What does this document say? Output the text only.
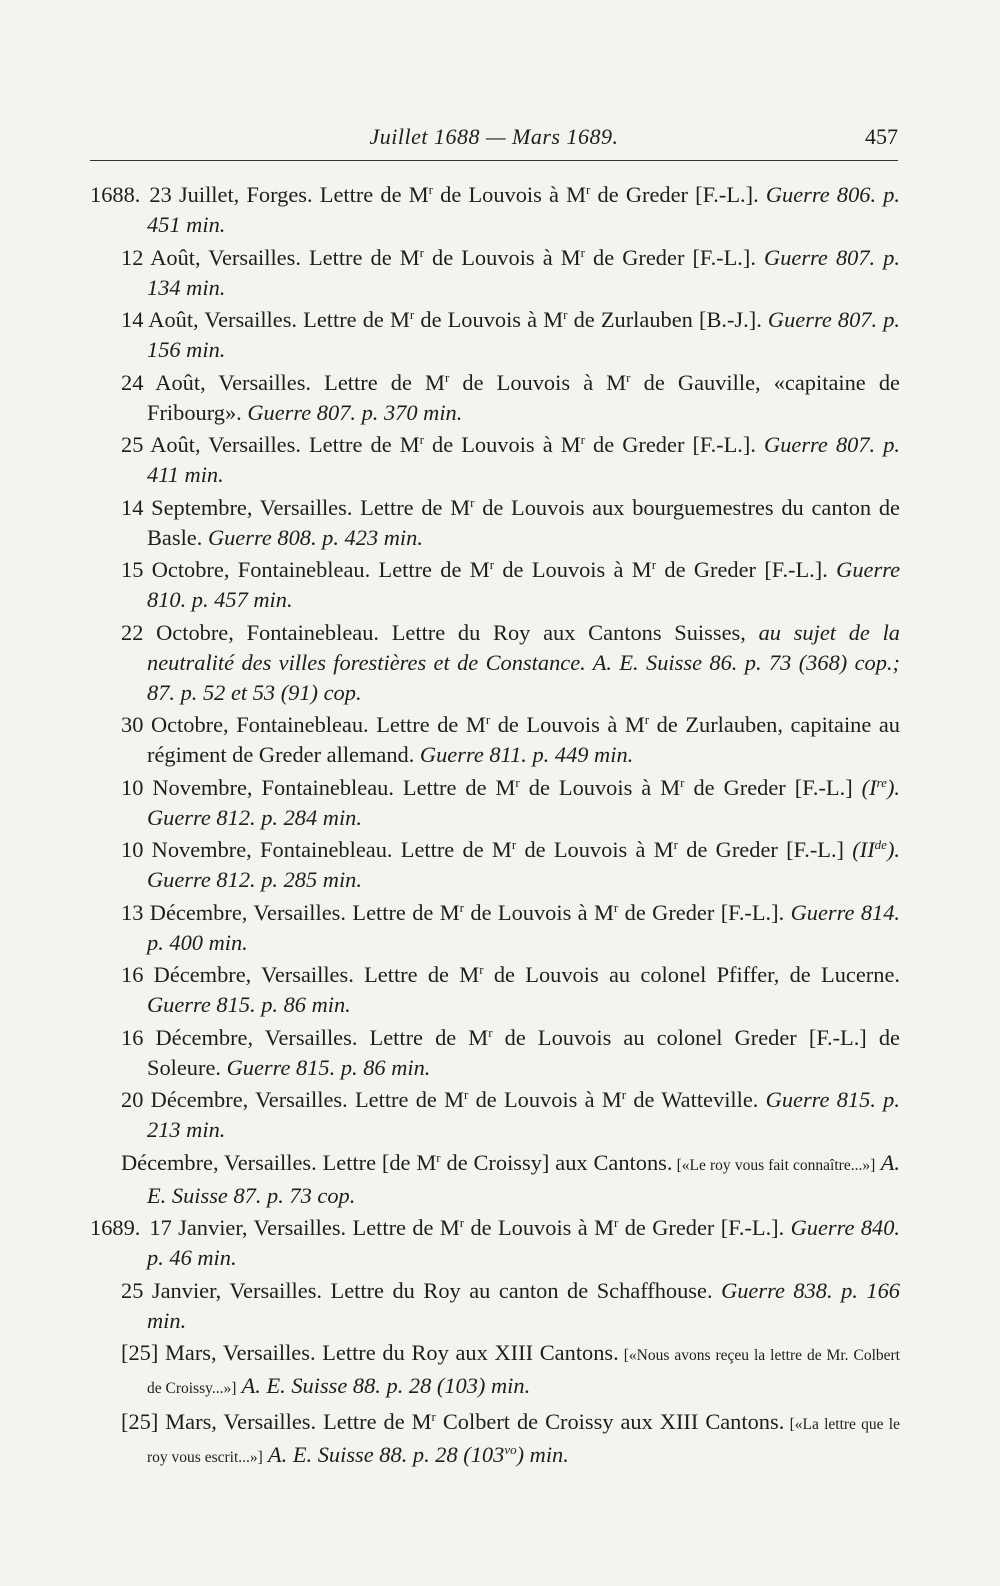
Juillet 1688 — Mars 1689.	457
1688. 23 Juillet, Forges. Lettre de $M^r$ de Louvois à $M^r$ de Greder [F.-L.]. Guerre 806. p. 451 min.
12 Août, Versailles. Lettre de $M^r$ de Louvois à $M^r$ de Greder [F.-L.]. Guerre 807. p. 134 min.
14 Août, Versailles. Lettre de $M^r$ de Louvois à $M^r$ de Zurlauben [B.-J.]. Guerre 807. p. 156 min.
24 Août, Versailles. Lettre de $M^r$ de Louvois à $M^r$ de Gauville, «capitaine de Fribourg». Guerre 807. p. 370 min.
25 Août, Versailles. Lettre de $M^r$ de Louvois à $M^r$ de Greder [F.-L.]. Guerre 807. p. 411 min.
14 Septembre, Versailles. Lettre de $M^r$ de Louvois aux bourguemestres du canton de Basle. Guerre 808. p. 423 min.
15 Octobre, Fontainebleau. Lettre de $M^r$ de Louvois à $M^r$ de Greder [F.-L.]. Guerre 810. p. 457 min.
22 Octobre, Fontainebleau. Lettre du Roy aux Cantons Suisses, au sujet de la neutralité des villes forestières et de Constance. A. E. Suisse 86. p. 73 (368) cop.; 87. p. 52 et 53 (91) cop.
30 Octobre, Fontainebleau. Lettre de $M^r$ de Louvois à $M^r$ de Zurlauben, capitaine au régiment de Greder allemand. Guerre 811. p. 449 min.
10 Novembre, Fontainebleau. Lettre de $M^r$ de Louvois à $M^r$ de Greder [F.-L.] (Ire). Guerre 812. p. 284 min.
10 Novembre, Fontainebleau. Lettre de $M^r$ de Louvois à $M^r$ de Greder [F.-L.] (IIde). Guerre 812. p. 285 min.
13 Décembre, Versailles. Lettre de $M^r$ de Louvois à $M^r$ de Greder [F.-L.]. Guerre 814. p. 400 min.
16 Décembre, Versailles. Lettre de $M^r$ de Louvois au colonel Pfiffer, de Lucerne. Guerre 815. p. 86 min.
16 Décembre, Versailles. Lettre de $M^r$ de Louvois au colonel Greder [F.-L.] de Soleure. Guerre 815. p. 86 min.
20 Décembre, Versailles. Lettre de $M^r$ de Louvois à $M^r$ de Watteville. Guerre 815. p. 213 min.
Décembre, Versailles. Lettre [de $M^r$ de Croissy] aux Cantons. [«Le roy vous fait connaître...»] A. E. Suisse 87. p. 73 cop.
1689. 17 Janvier, Versailles. Lettre de $M^r$ de Louvois à $M^r$ de Greder [F.-L.]. Guerre 840. p. 46 min.
25 Janvier, Versailles. Lettre du Roy au canton de Schaffhouse. Guerre 838. p. 166 min.
[25] Mars, Versailles. Lettre du Roy aux XIII Cantons. [«Nous avons reçeu la lettre de Mr. Colbert de Croissy...»] A. E. Suisse 88. p. 28 (103) min.
[25] Mars, Versailles. Lettre de $M^r$ Colbert de Croissy aux XIII Cantons. [«La lettre que le roy vous escrit...»] A. E. Suisse 88. p. 28 $(103^{vo})$ min.
